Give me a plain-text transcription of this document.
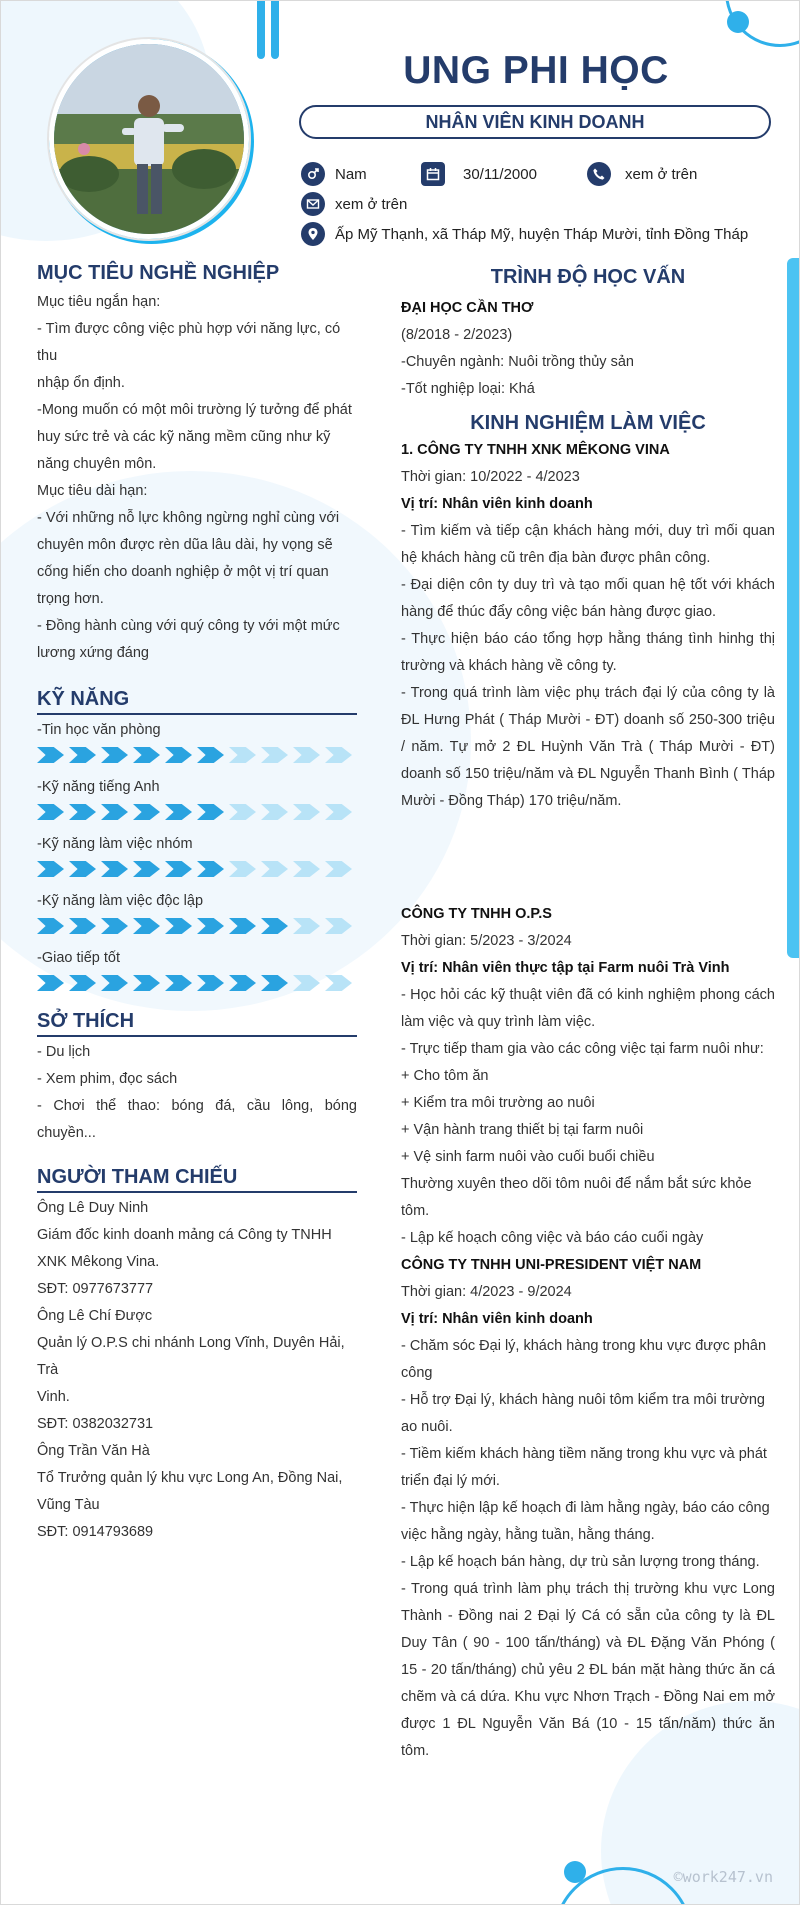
UNG PHI HỌC
NHÂN VIÊN KINH DOANH
Nam	30/11/2000	xem ở trên
xem ở trên
Ấp Mỹ Thạnh, xã Tháp Mỹ, huyện Tháp Mười, tỉnh Đồng Tháp
MỤC TIÊU NGHỀ NGHIỆP
Mục tiêu ngắn hạn:
- Tìm được công việc phù hợp với năng lực, có thu
nhập ổn định.
-Mong muốn có một môi trường lý tưởng để phát
huy sức trẻ và các kỹ năng mềm cũng như kỹ năng chuyên môn.
Mục tiêu dài hạn:
- Với những nỗ lực không ngừng nghỉ cùng với chuyên môn được rèn dũa lâu dài, hy vọng sẽ cống hiến cho doanh nghiệp ở một vị trí quan trọng hơn.
- Đồng hành cùng với quý công ty với một mức lương xứng đáng
KỸ NĂNG
-Tin học văn phòng
-Kỹ năng tiếng Anh
-Kỹ năng làm việc nhóm
-Kỹ năng làm việc độc lập
-Giao tiếp tốt
SỞ THÍCH
- Du lịch
- Xem phim, đọc sách
- Chơi thể thao: bóng đá, cầu lông, bóng chuyền...
NGƯỜI THAM CHIẾU
Ông Lê Duy Ninh
Giám đốc kinh doanh mảng cá Công ty TNHH XNK Mêkong Vina.
SĐT: 0977673777
Ông Lê Chí Được
Quản lý O.P.S chi nhánh Long Vĩnh, Duyên Hải, Trà
Vinh.
SĐT: 0382032731
Ông Trần Văn Hà
Tổ Trưởng quản lý khu vực Long An, Đồng Nai, Vũng Tàu
SĐT: 0914793689
TRÌNH ĐỘ HỌC VẤN
ĐẠI HỌC CẦN THƠ
(8/2018 - 2/2023)
-Chuyên ngành: Nuôi trồng thủy sản
-Tốt nghiệp loại: Khá
KINH NGHIỆM LÀM VIỆC
1. CÔNG TY TNHH XNK MÊKONG VINA
Thời gian: 10/2022 - 4/2023
Vị trí: Nhân viên kinh doanh
- Tìm kiếm và tiếp cận khách hàng mới, duy trì mối quan hệ khách hàng cũ trên địa bàn được phân công.
- Đại diện côn ty duy trì và tạo mối quan hệ tốt với khách hàng để thúc đẩy công việc bán hàng được giao.
- Thực hiện báo cáo tổng hợp hằng tháng tình hinhg thị trường và khách hàng về công ty.
- Trong quá trình làm việc phụ trách đại lý của công ty là ĐL Hưng Phát ( Tháp Mười - ĐT) doanh số 250-300 triệu / năm. Tự mở 2 ĐL Huỳnh Văn Trà ( Tháp Mười - ĐT) doanh số 150 triệu/năm và ĐL Nguyễn Thanh Bình ( Tháp Mười - Đồng Tháp) 170 triệu/năm.
CÔNG TY TNHH O.P.S
Thời gian: 5/2023 - 3/2024
Vị trí: Nhân viên thực tập tại Farm nuôi Trà Vinh
- Học hỏi các kỹ thuật viên đã có kinh nghiệm phong cách làm việc và quy trình làm việc.
- Trực tiếp tham gia vào các công việc tại farm nuôi như:
+ Cho tôm ăn
+ Kiểm tra môi trường ao nuôi
+ Vận hành trang thiết bị tại farm nuôi
+ Vệ sinh farm nuôi vào cuối buổi chiều
Thường xuyên theo dõi tôm nuôi để nắm bắt sức khỏe tôm.
- Lập kế hoạch công việc và báo cáo cuối ngày
CÔNG TY TNHH UNI-PRESIDENT VIỆT NAM
Thời gian: 4/2023 - 9/2024
Vị trí: Nhân viên kinh doanh
- Chăm sóc Đại lý, khách hàng trong khu vực được phân công
- Hỗ trợ Đại lý, khách hàng nuôi tôm kiểm tra môi trường ao nuôi.
- Tiềm kiếm khách hàng tiềm năng trong khu vực và phát triển đại lý mới.
- Thực hiện lập kế hoạch đi làm hằng ngày, báo cáo công việc hằng ngày, hằng tuần, hằng tháng.
- Lập kế hoạch bán hàng, dự trù sản lượng trong tháng.
- Trong quá trình làm phụ trách thị trường khu vực Long Thành - Đồng nai 2 Đại lý Cá có sẵn của công ty là ĐL Duy Tân ( 90 - 100 tấn/tháng) và ĐL Đặng Văn Phóng ( 15 - 20 tấn/tháng) chủ yêu 2 ĐL bán mặt hàng thức ăn cá chẽm và cá dứa. Khu vực Nhơn Trạch - Đồng Nai em mở được 1 ĐL Nguyễn Văn Bá (10 - 15 tấn/năm) thức ăn tôm.
©work247.vn
